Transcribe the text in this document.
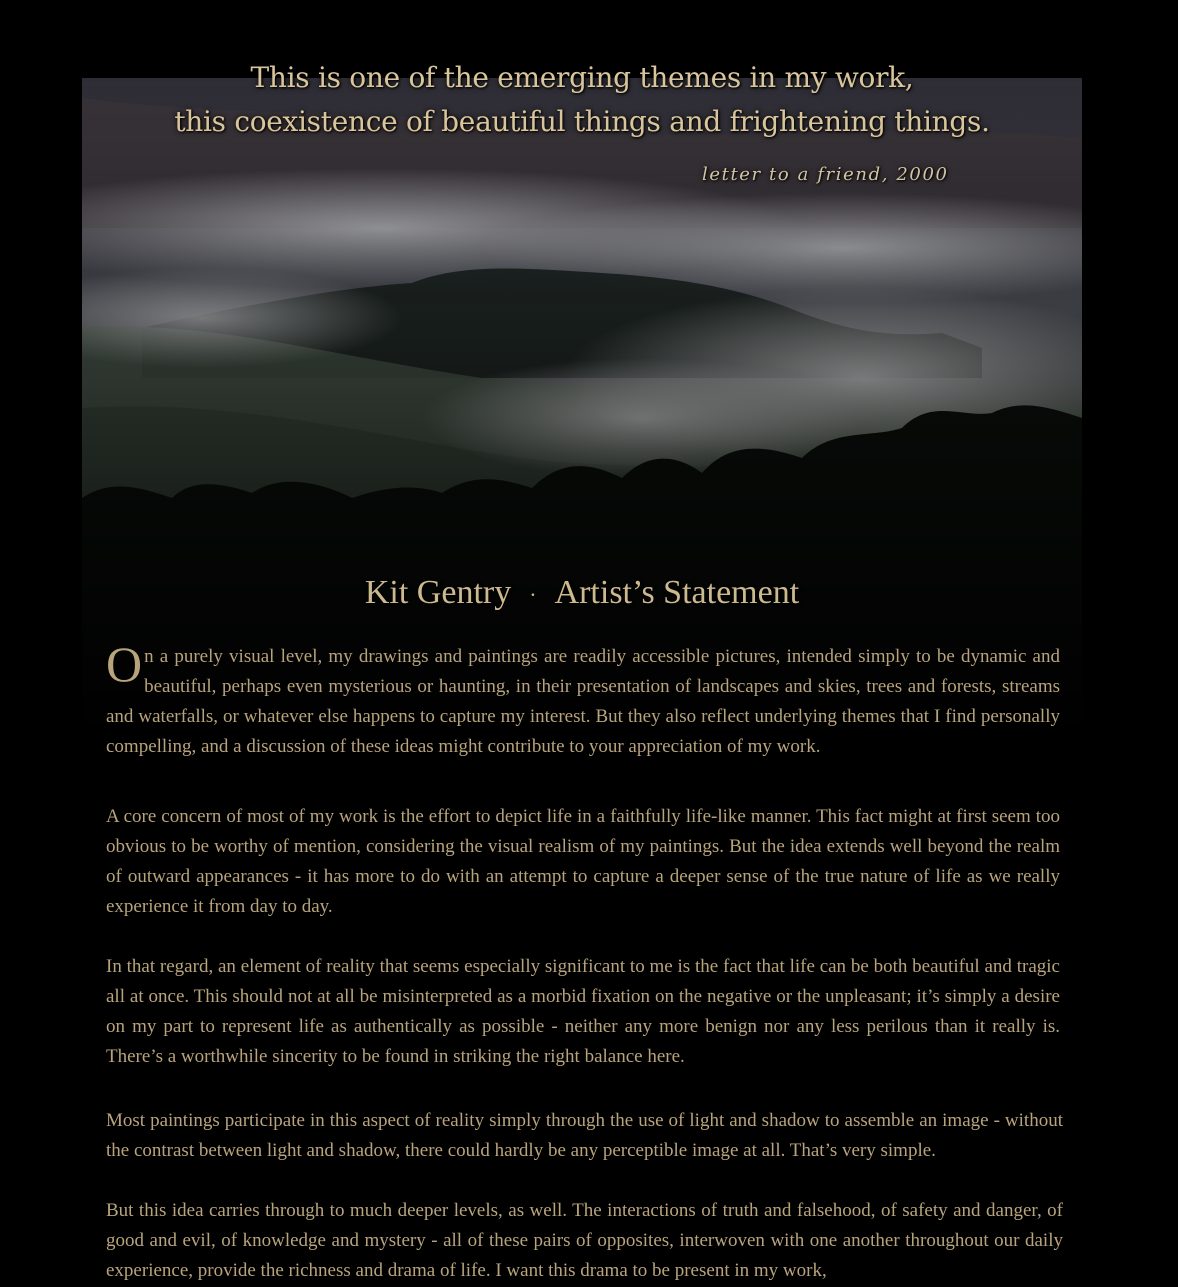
This is one of the emerging themes in my work,
this coexistence of beautiful things and frightening things.
letter to a friend, 2000
Kit Gentry · Artist’s Statement

On a purely visual level, my drawings and paintings are readily accessible pictures, intended simply to be dynamic and beautiful, perhaps even mysterious or haunting, in their presentation of landscapes and skies, trees and forests, streams and waterfalls, or whatever else happens to capture my interest. But they also reflect underlying themes that I find personally compelling, and a discussion of these ideas might contribute to your appreciation of my work.

A core concern of most of my work is the effort to depict life in a faithfully life-like manner. This fact might at first seem too obvious to be worthy of mention, considering the visual realism of my paintings. But the idea extends well beyond the realm of outward appearances - it has more to do with an attempt to capture a deeper sense of the true nature of life as we really experience it from day to day.

In that regard, an element of reality that seems especially significant to me is the fact that life can be both beautiful and tragic all at once. This should not at all be misinterpreted as a morbid fixation on the negative or the unpleasant; it’s simply a desire on my part to represent life as authentically as possible - neither any more benign nor any less perilous than it really is. There’s a worthwhile sincerity to be found in striking the right balance here.

Most paintings participate in this aspect of reality simply through the use of light and shadow to assemble an image - without the contrast between light and shadow, there could hardly be any perceptible image at all. That’s very simple.

But this idea carries through to much deeper levels, as well. The interactions of truth and falsehood, of safety and danger, of good and evil, of knowledge and mystery - all of these pairs of opposites, interwoven with one another throughout our daily experience, provide the richness and drama of life. I want this drama to be present in my work,
